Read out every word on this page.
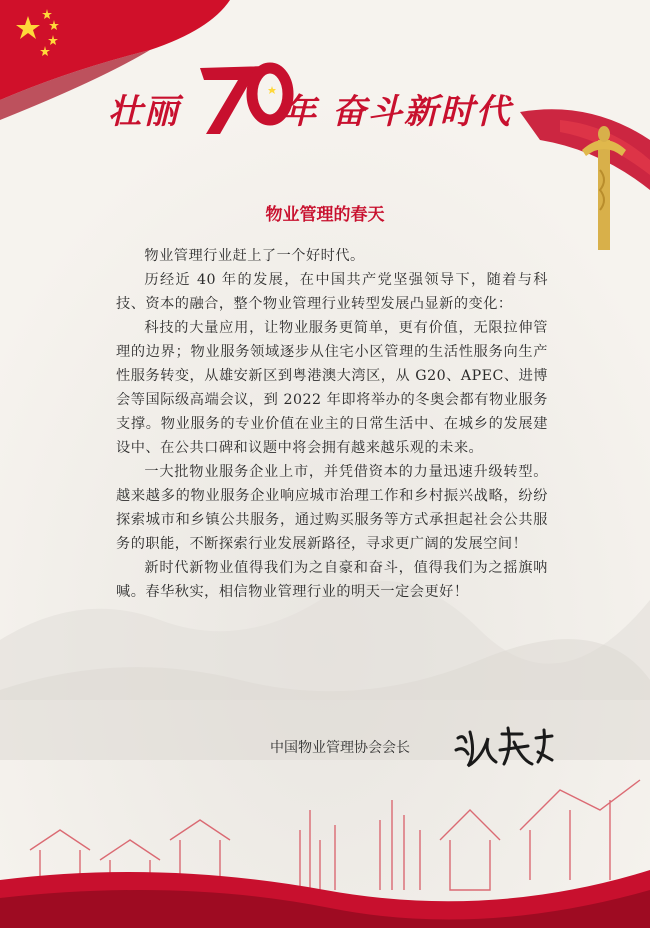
壮丽	年 奋斗新时代
物业管理的春天

物业管理行业赶上了一个好时代。

历经近 40 年的发展，在中国共产党坚强领导下，随着与科技、资本的融合，整个物业管理行业转型发展凸显新的变化：

科技的大量应用，让物业服务更简单，更有价值，无限拉伸管理的边界；物业服务领域逐步从住宅小区管理的生活性服务向生产性服务转变，从雄安新区到粤港澳大湾区，从 G20、APEC、进博会等国际级高端会议，到 2022 年即将举办的冬奥会都有物业服务支撑。物业服务的专业价值在业主的日常生活中、在城乡的发展建设中、在公共口碑和议题中将会拥有越来越乐观的未来。

一大批物业服务企业上市，并凭借资本的力量迅速升级转型。越来越多的物业服务企业响应城市治理工作和乡村振兴战略，纷纷探索城市和乡镇公共服务，通过购买服务等方式承担起社会公共服务的职能，不断探索行业发展新路径，寻求更广阔的发展空间！

新时代新物业值得我们为之自豪和奋斗，值得我们为之摇旗呐喊。春华秋实，相信物业管理行业的明天一定会更好！

中国物业管理协会会长
